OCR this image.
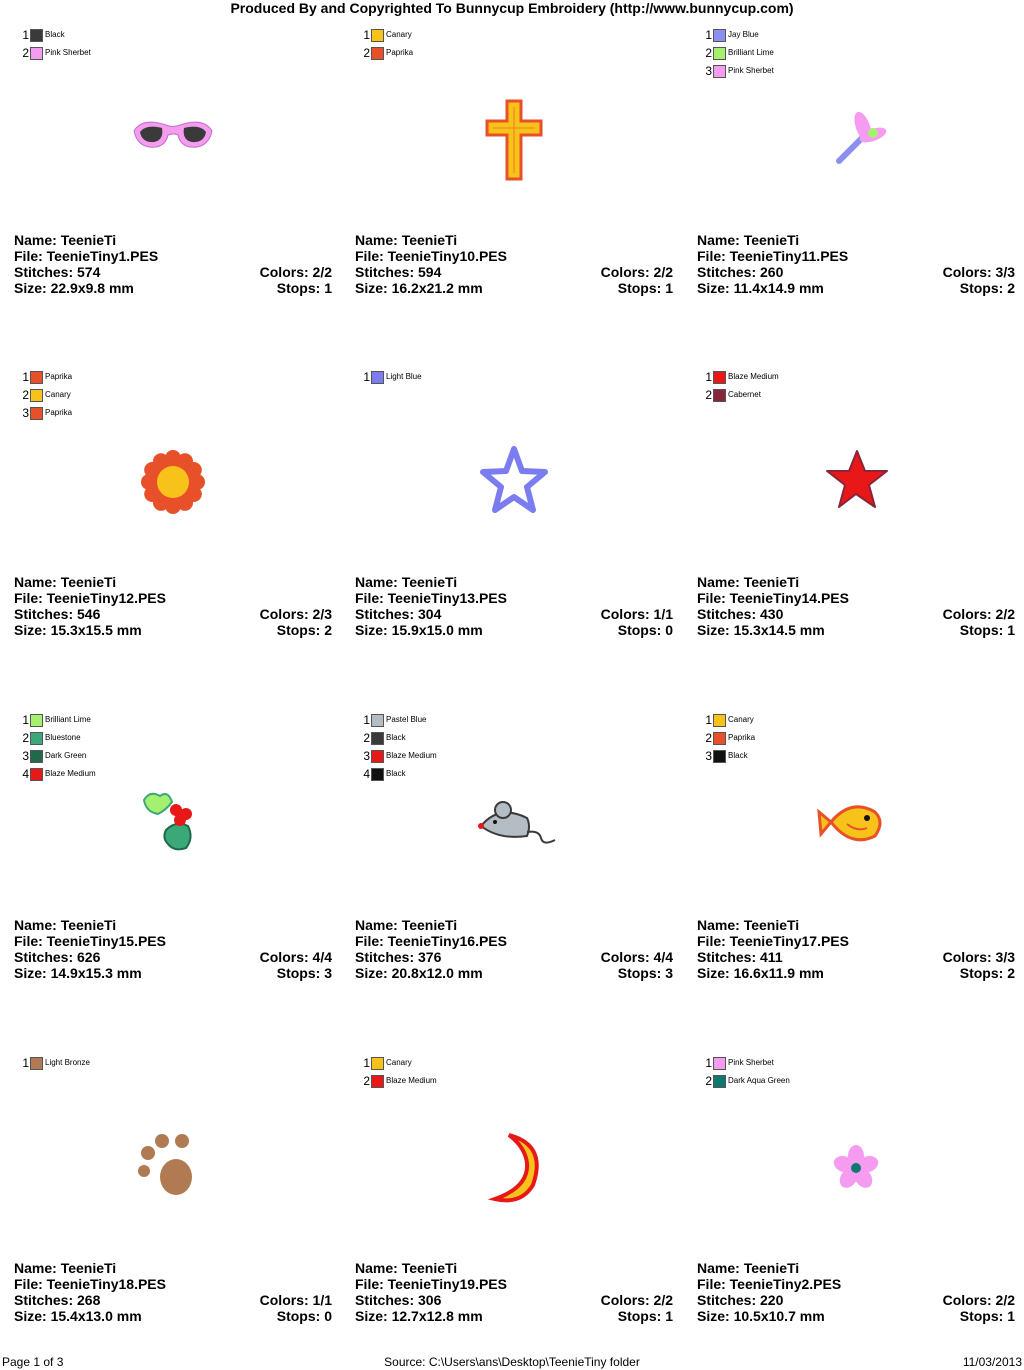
Produced By and Copyrighted To Bunnycup Embroidery (http://www.bunnycup.com)
1 Black
2 Pink Sherbet
Name: TeenieTi
File: TeenieTiny1.PES
Stitches: 574	Colors: 2/2
Size: 22.9x9.8 mm	Stops: 1
1 Canary
2 Paprika
Name: TeenieTi
File: TeenieTiny10.PES
Stitches: 594	Colors: 2/2
Size: 16.2x21.2 mm	Stops: 1
1 Jay Blue
2 Brilliant Lime
3 Pink Sherbet
Name: TeenieTi
File: TeenieTiny11.PES
Stitches: 260	Colors: 3/3
Size: 11.4x14.9 mm	Stops: 2
1 Paprika
2 Canary
3 Paprika
Name: TeenieTi
File: TeenieTiny12.PES
Stitches: 546	Colors: 2/3
Size: 15.3x15.5 mm	Stops: 2
1 Light Blue
Name: TeenieTi
File: TeenieTiny13.PES
Stitches: 304	Colors: 1/1
Size: 15.9x15.0 mm	Stops: 0
1 Blaze Medium
2 Cabernet
Name: TeenieTi
File: TeenieTiny14.PES
Stitches: 430	Colors: 2/2
Size: 15.3x14.5 mm	Stops: 1
1 Brilliant Lime
2 Bluestone
3 Dark Green
4 Blaze Medium
Name: TeenieTi
File: TeenieTiny15.PES
Stitches: 626	Colors: 4/4
Size: 14.9x15.3 mm	Stops: 3
1 Pastel Blue
2 Black
3 Blaze Medium
4 Black
Name: TeenieTi
File: TeenieTiny16.PES
Stitches: 376	Colors: 4/4
Size: 20.8x12.0 mm	Stops: 3
1 Canary
2 Paprika
3 Black
Name: TeenieTi
File: TeenieTiny17.PES
Stitches: 411	Colors: 3/3
Size: 16.6x11.9 mm	Stops: 2
1 Light Bronze
Name: TeenieTi
File: TeenieTiny18.PES
Stitches: 268	Colors: 1/1
Size: 15.4x13.0 mm	Stops: 0
1 Canary
2 Blaze Medium
Name: TeenieTi
File: TeenieTiny19.PES
Stitches: 306	Colors: 2/2
Size: 12.7x12.8 mm	Stops: 1
1 Pink Sherbet
2 Dark Aqua Green
Name: TeenieTi
File: TeenieTiny2.PES
Stitches: 220	Colors: 2/2
Size: 10.5x10.7 mm	Stops: 1
Page 1 of 3	Source: C:\Users\ans\Desktop\TeenieTiny folder	11/03/2013
